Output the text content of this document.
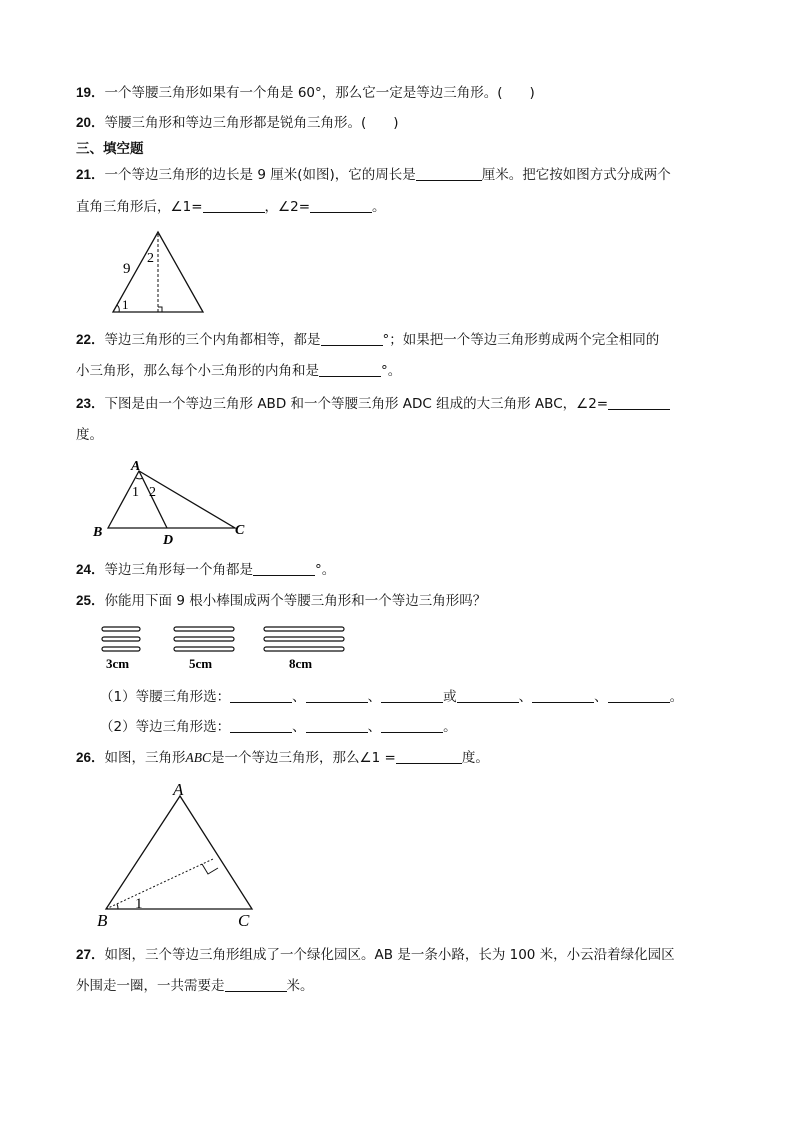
19．一个等腰三角形如果有一个角是 60°，那么它一定是等边三角形。(　　)
20．等腰三角形和等边三角形都是锐角三角形。(　　)
三、填空题
21．一个等边三角形的边长是 9 厘米(如图)，它的周长是	厘米。把它按如图方式分成两个
直角三角形后，∠1=	，∠2=	。
9
1
2
22．等边三角形的三个内角都相等，都是	°；如果把一个等边三角形剪成两个完全相同的
小三角形，那么每个小三角形的内角和是	°。
23．下图是由一个等边三角形 ABD 和一个等腰三角形 ADC 组成的大三角形 ABC，∠2=
度。
A
B	C
D
1 2
24．等边三角形每一个角都是	°。
25．你能用下面 9 根小棒围成两个等腰三角形和一个等边三角形吗？
3cm	5cm	8cm
（1）等腰三角形选：	、	、	或	、	、	。
（2）等边三角形选：	、	、	。
26．如图，三角形ABC是一个等边三角形，那么∠1 =	度。
A
B	C
1
27．如图，三个等边三角形组成了一个绿化园区。AB 是一条小路，长为 100 米，小云沿着绿化园区
外围走一圈，一共需要走	米。
